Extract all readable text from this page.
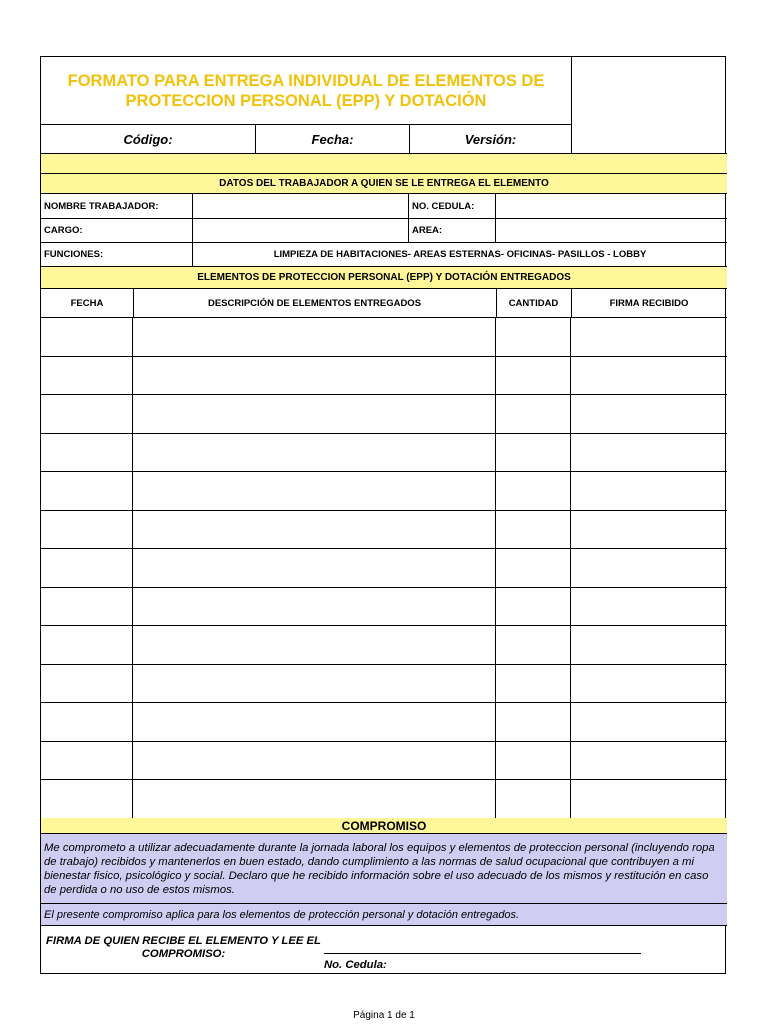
FORMATO PARA ENTREGA INDIVIDUAL DE ELEMENTOS DE PROTECCION PERSONAL (EPP) Y DOTACIÓN
Código:	Fecha:	Versión:
DATOS DEL TRABAJADOR A QUIEN SE LE ENTREGA EL ELEMENTO
NOMBRE TRABAJADOR:	NO. CEDULA:
CARGO:	AREA:
FUNCIONES:	LIMPIEZA DE HABITACIONES- AREAS ESTERNAS- OFICINAS- PASILLOS - LOBBY
ELEMENTOS DE PROTECCION PERSONAL (EPP) Y DOTACIÓN ENTREGADOS
FECHA	DESCRIPCIÓN DE ELEMENTOS ENTREGADOS	CANTIDAD	FIRMA RECIBIDO
COMPROMISO
Me comprometo a utilizar adecuadamente durante la jornada laboral los equipos y elementos de proteccion personal (incluyendo ropa de trabajo) recibidos y mantenerlos en buen estado, dando cumplimiento a las normas de salud ocupacional que contribuyen a mi bienestar fisico, psicológico y social. Declaro que he recibido información sobre el uso adecuado de los mismos y restitución en caso de perdida o no uso de estos mismos.
El presente compromiso aplica para los elementos de protección personal y dotación entregados.
FIRMA DE QUIEN RECIBE EL ELEMENTO Y LEE EL COMPROMISO:
No. Cedula:
Página 1 de 1
